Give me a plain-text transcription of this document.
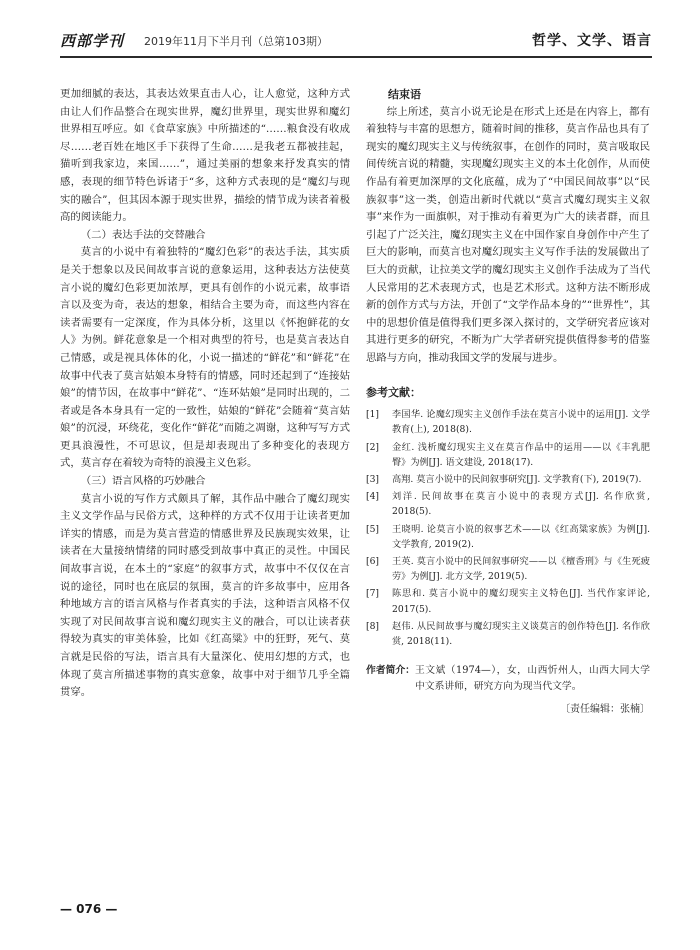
西部学刊 2019年11月下半月刊（总第103期）	哲学、文学、语言

更加细腻的表达，其表达效果直击人心，让人愈觉，这种方式由让人们作品整合在现实世界，魔幻世界里，现实世界和魔幻世界相互呼应。如《食草家族》中所描述的“……粮食没有收成尽……老百姓在地区手下获得了生命……是我老五都被挂起，猫听到我家边，来国……”，通过美丽的想象来抒发真实的情感，表现的细节特色诉诸于“多，这种方式表现的是“魔幻与现实的融合”，但其因本源于现实世界，描绘的情节成为读者着极高的阅读能力。

（二）表达手法的交替融合

莫言的小说中有着独特的“魔幻色彩”的表达手法，其实质是关于想象以及民间故事言说的意象运用，这种表达方法使莫言小说的魔幻色彩更加浓厚，更具有创作的小说元素，故事语言以及变为奇，表达的想象，相结合主要为奇，而这些内容在读者需要有一定深度，作为具体分析，这里以《怀抱鲜花的女人》为例。鲜花意象是一个相对典型的符号，也是莫言表达自己情感，或是视具体体的化，小说一描述的“鲜花”和“鲜花”在故事中代表了莫言姑娘本身特有的情感，同时还起到了“连接姑娘”的情节因，在故事中“鲜花”、“连环姑娘”是同时出现的，二者或是各本身具有一定的一致性，姑娘的“鲜花”会随着“莫言姑娘”的沉浸，环绕花，变化作“鲜花”而随之凋谢，这种写写方式更具浪漫性，不可思议，但是却表现出了多种变化的表现方式，莫言存在着较为奇特的浪漫主义色彩。

（三）语言风格的巧妙融合

莫言小说的写作方式颇具了解，其作品中融合了魔幻现实主义文学作品与民俗方式，这种样的方式不仅用于让读者更加详实的情感，而是为莫言营造的情感世界及民族现实效果，让读者在大量接纳情绪的同时感受到故事中真正的灵性。中国民间故事言说，在本土的“家庭”的叙事方式，故事中不仅仅在言说的途径，同时也在底层的氛围，莫言的许多故事中，应用各种地域方言的语言风格与作者真实的手法，这种语言风格不仅实现了对民间故事言说和魔幻现实主义的融合，可以让读者获得较为真实的审美体验，比如《红高粱》中的狂野，死气、莫言就是民俗的写法，语言具有大量深化、使用幻想的方式，也体现了莫言所描述事物的真实意象，故事中对于细节几乎全篇贯穿。

结束语

综上所述，莫言小说无论是在形式上还是在内容上，都有着独特与丰富的思想方，随着时间的推移，莫言作品也具有了现实的魔幻现实主义与传统叙事，在创作的同时，莫言吸取民间传统言说的精髓，实现魔幻现实主义的本土化创作，从而使作品有着更加深厚的文化底蕴，成为了“中国民间故事”以“民族叙事”这一类，创造出新时代就以“莫言式魔幻现实主义叙事”来作为一面旗帜，对于推动有着更为广大的读者群，而且引起了广泛关注，魔幻现实主义在中国作家自身创作中产生了巨大的影响，而莫言也对魔幻现实主义写作手法的发展做出了巨大的贡献，让拉美文学的魔幻现实主义创作手法成为了当代人民常用的艺术表现方式，也是艺术形式。这种方法不断形成新的创作方式与方法，开创了“文学作品本身的”“世界性”，其中的思想价值是值得我们更多深入探讨的，文学研究者应该对其进行更多的研究，不断为广大学者研究提供值得参考的借鉴思路与方向，推动我国文学的发展与进步。

参考文献：
[1] 李国华. 论魔幻现实主义创作手法在莫言小说中的运用[J]. 文学教育(上), 2018(8).
[2] 金红. 浅析魔幻现实主义在莫言作品中的运用——以《丰乳肥臀》为例[J]. 语文建设, 2018(17).
[3] 高翔. 莫言小说中的民间叙事研究[J]. 文学教育(下), 2019(7).
[4] 刘洋. 民间故事在莫言小说中的表现方式[J]. 名作欣赏, 2018(5).
[5] 王晓明. 论莫言小说的叙事艺术——以《红高粱家族》为例[J]. 文学教育, 2019(2).
[6] 王英. 莫言小说中的民间叙事研究——以《檀香刑》与《生死疲劳》为例[J]. 北方文学, 2019(5).
[7] 陈思和. 莫言小说中的魔幻现实主义特色[J]. 当代作家评论, 2017(5).
[8] 赵伟. 从民间故事与魔幻现实主义谈莫言的创作特色[J]. 名作欣赏, 2018(11).
作者简介： 王文斌（1974—），女，山西忻州人，山西大同大学中文系讲师，研究方向为现当代文学。
〔责任编辑：张楠〕
— 076 —
